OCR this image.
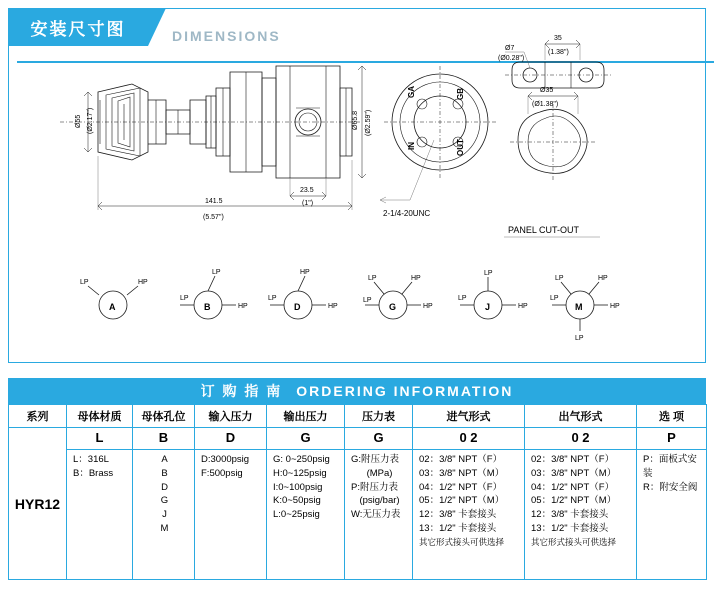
安装尺寸图	DIMENSIONS
Ø55 (Ø2.17")	Ø65.8 (Ø2.59")
141.5
(5.57")
23.5
(1")
2-1/4-20UNC
GA	GB
IN	OUT
35
(1.38")
Ø7
(Ø0.28")
Ø35
(Ø1.38")
PANEL CUT-OUT
A
LP	HP
B
LP
LP
HP	D
HP
LP
HP	G
LP	HP
LP
HP	J
LP
LP
HP	M
LP	HP
LP
HP
LP
订 购 指 南 ORDERING INFORMATION
系列	母体材质	母体孔位	输入压力	输出压力	压力表	进气形式	出气形式	选 项
HYR12	L	B	D	G	G	0 2	0 2	P

L：316L
B：Brass

A
B
D
G
J
M

D:3000psig
F:500psig

G: 0~250psig
H:0~125psig
I:0~100psig
K:0~50psig
L:0~25psig

G:附压力表
(MPa)
P:附压力表
(psig/bar)
W:无压力表

02：3/8" NPT（F）
03：3/8" NPT（M）
04：1/2" NPT（F）
05：1/2" NPT（M）
12：3/8" 卡套接头
13：1/2" 卡套接头
其它形式接头可供选择

02：3/8" NPT（F）
03：3/8" NPT（M）
04：1/2" NPT（F）
05：1/2" NPT（M）
12：3/8" 卡套接头
13：1/2" 卡套接头
其它形式接头可供选择

P：面板式安装
R：附安全阀
